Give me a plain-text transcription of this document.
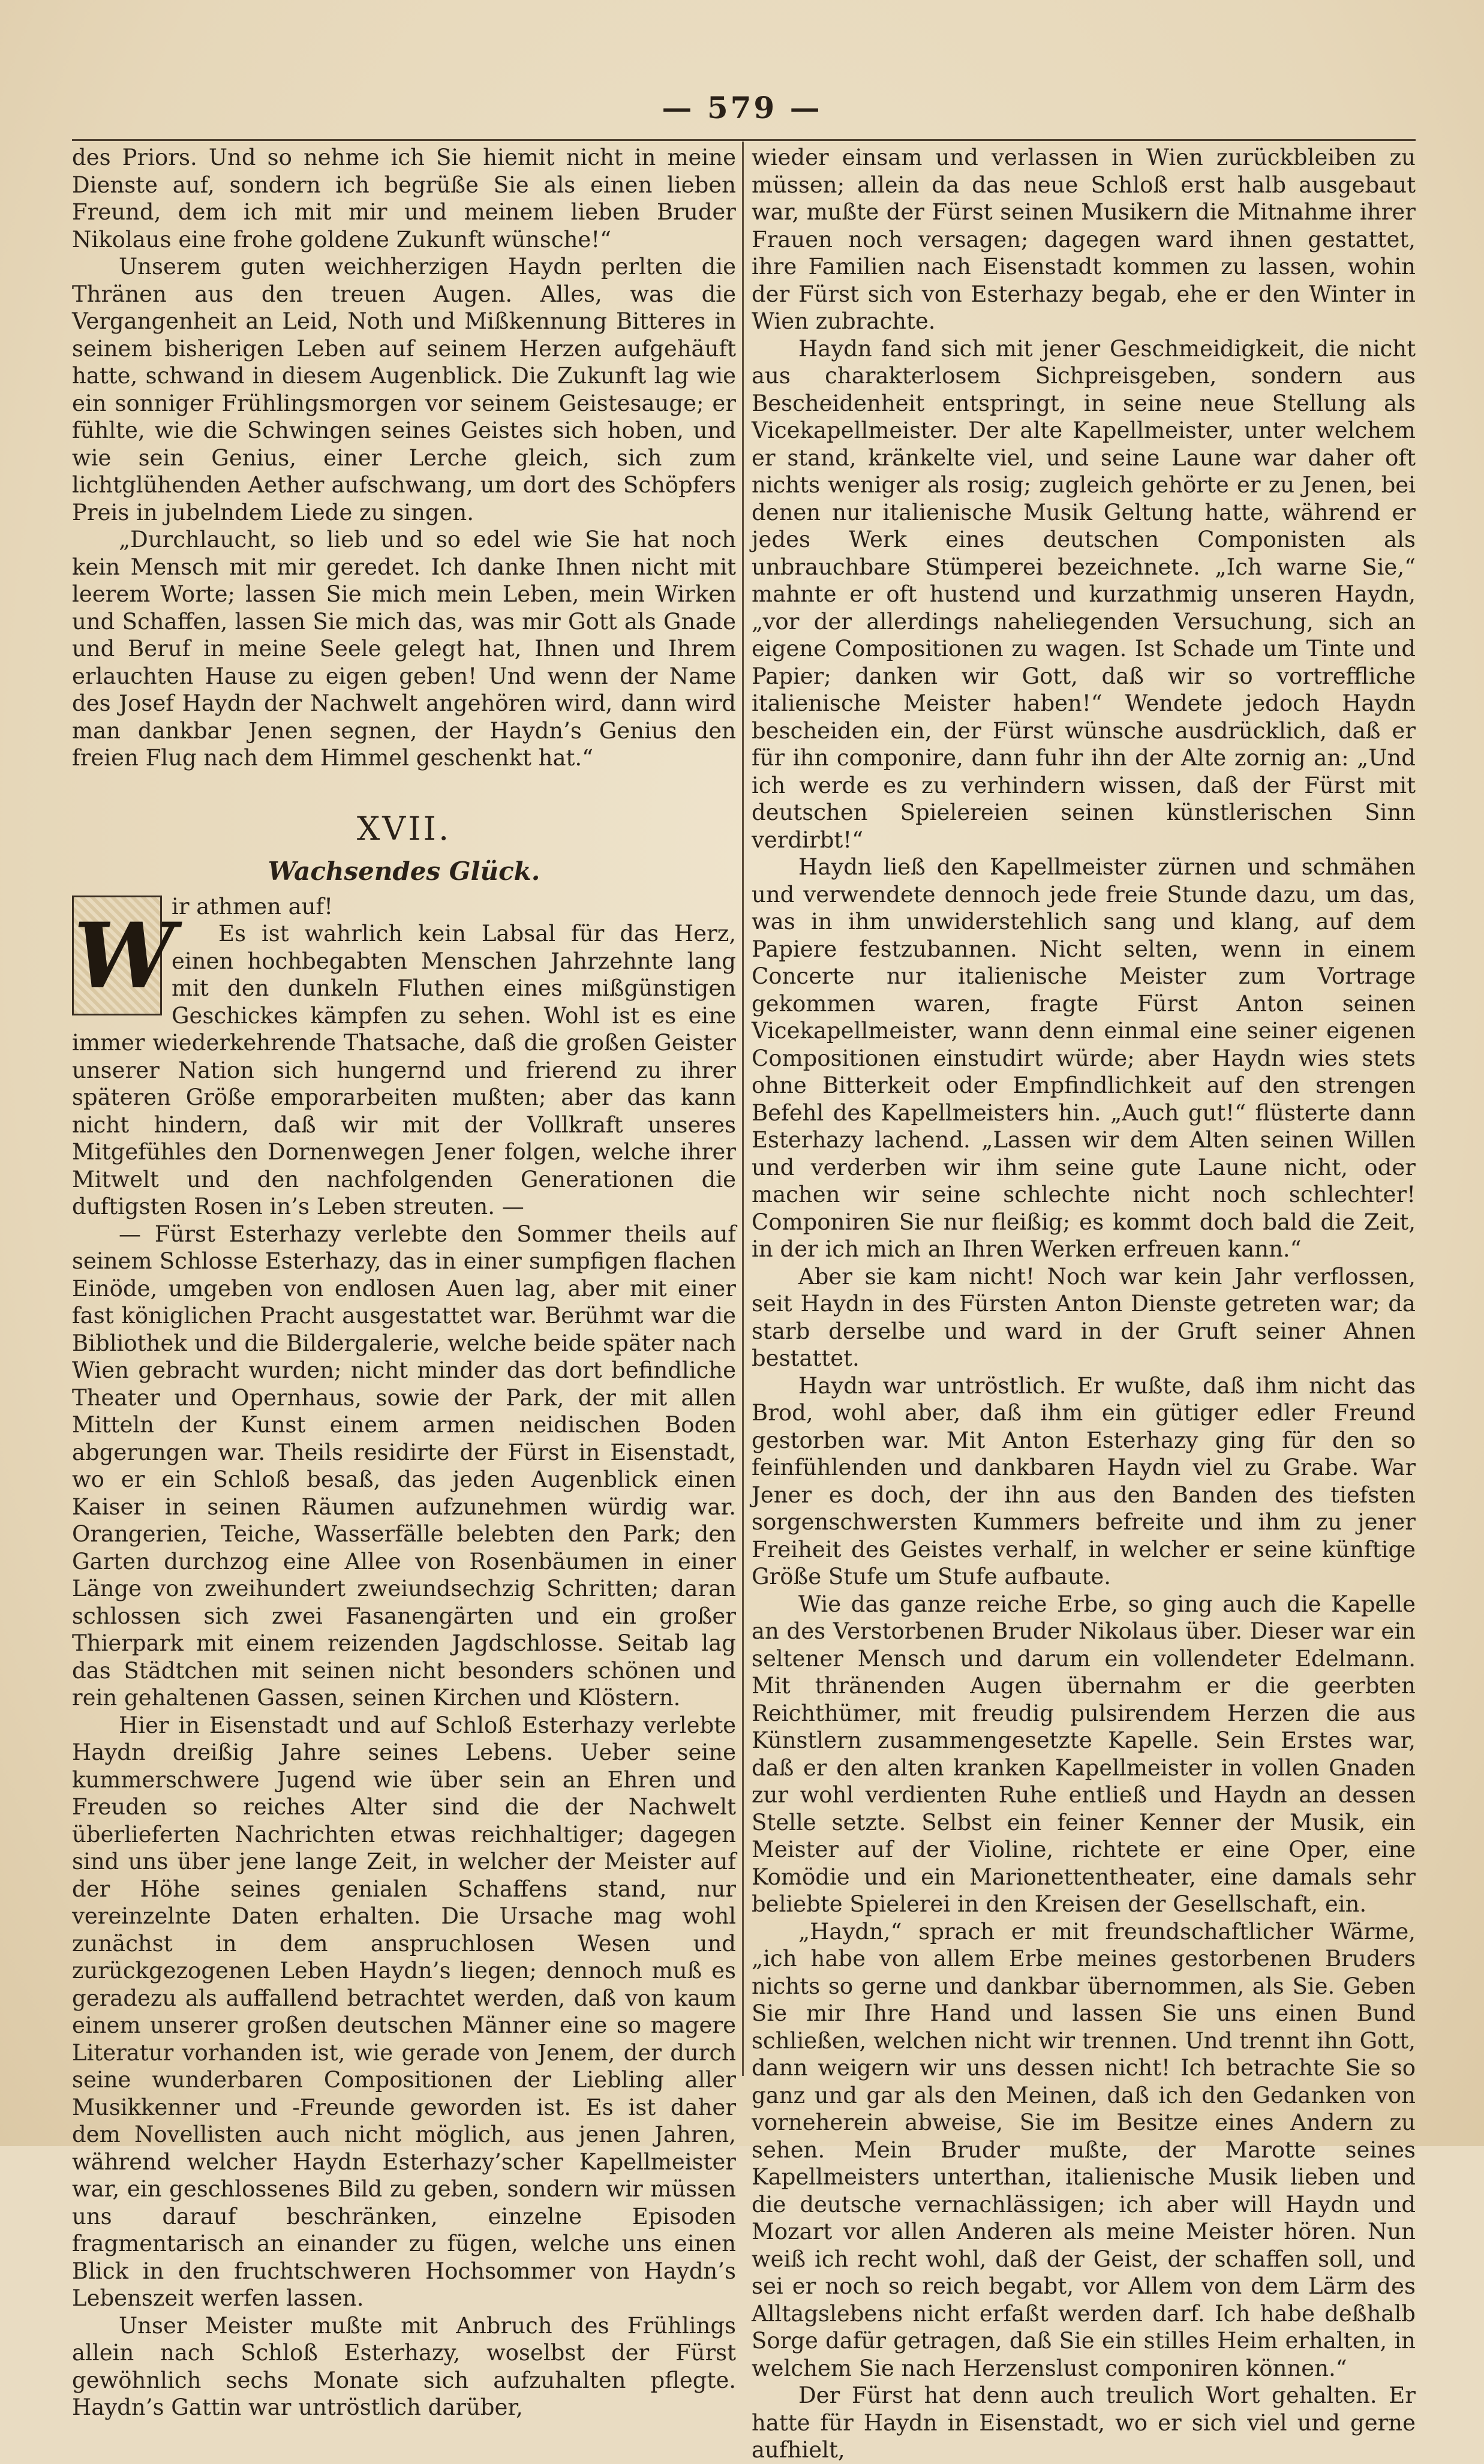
— 579 —

des Priors. Und so nehme ich Sie hiemit nicht in meine Dienste auf, sondern ich begrüße Sie als einen lieben Freund, dem ich mit mir und meinem lieben Bruder Nikolaus eine frohe goldene Zukunft wünsche!“

Unserem guten weichherzigen Haydn perlten die Thränen aus den treuen Augen. Alles, was die Vergangenheit an Leid, Noth und Mißkennung Bitteres in seinem bisherigen Leben auf seinem Herzen aufgehäuft hatte, schwand in diesem Augenblick. Die Zukunft lag wie ein sonniger Frühlingsmorgen vor seinem Geistesauge; er fühlte, wie die Schwingen seines Geistes sich hoben, und wie sein Genius, einer Lerche gleich, sich zum lichtglühenden Aether aufschwang, um dort des Schöpfers Preis in jubelndem Liede zu singen.

„Durchlaucht, so lieb und so edel wie Sie hat noch kein Mensch mit mir geredet. Ich danke Ihnen nicht mit leerem Worte; lassen Sie mich mein Leben, mein Wirken und Schaffen, lassen Sie mich das, was mir Gott als Gnade und Beruf in meine Seele gelegt hat, Ihnen und Ihrem erlauchten Hause zu eigen geben! Und wenn der Name des Josef Haydn der Nachwelt angehören wird, dann wird man dankbar Jenen segnen, der Haydn’s Genius den freien Flug nach dem Himmel geschenkt hat.“

XVII.
Wachsendes Glück.
W

ir athmen auf!

Es ist wahrlich kein Labsal für das Herz, einen hochbegabten Menschen Jahrzehnte lang mit den dunkeln Fluthen eines mißgünstigen Geschickes kämpfen zu sehen. Wohl ist es eine immer wiederkehrende Thatsache, daß die großen Geister unserer Nation sich hungernd und frierend zu ihrer späteren Größe emporarbeiten mußten; aber das kann nicht hindern, daß wir mit der Vollkraft unseres Mitgefühles den Dornenwegen Jener folgen, welche ihrer Mitwelt und den nachfolgenden Generationen die duftigsten Rosen in’s Leben streuten. —

— Fürst Esterhazy verlebte den Sommer theils auf seinem Schlosse Esterhazy, das in einer sumpfigen flachen Einöde, umgeben von endlosen Auen lag, aber mit einer fast königlichen Pracht ausgestattet war. Berühmt war die Bibliothek und die Bildergalerie, welche beide später nach Wien gebracht wurden; nicht minder das dort befindliche Theater und Opernhaus, sowie der Park, der mit allen Mitteln der Kunst einem armen neidischen Boden abgerungen war. Theils residirte der Fürst in Eisenstadt, wo er ein Schloß besaß, das jeden Augenblick einen Kaiser in seinen Räumen aufzunehmen würdig war. Orangerien, Teiche, Wasserfälle belebten den Park; den Garten durchzog eine Allee von Rosenbäumen in einer Länge von zweihundert zweiundsechzig Schritten; daran schlossen sich zwei Fasanengärten und ein großer Thierpark mit einem reizenden Jagdschlosse. Seitab lag das Städtchen mit seinen nicht besonders schönen und rein gehaltenen Gassen, seinen Kirchen und Klöstern.

Hier in Eisenstadt und auf Schloß Esterhazy verlebte Haydn dreißig Jahre seines Lebens. Ueber seine kummerschwere Jugend wie über sein an Ehren und Freuden so reiches Alter sind die der Nachwelt überlieferten Nachrichten etwas reichhaltiger; dagegen sind uns über jene lange Zeit, in welcher der Meister auf der Höhe seines genialen Schaffens stand, nur vereinzelnte Daten erhalten. Die Ursache mag wohl zunächst in dem anspruchlosen Wesen und zurückgezogenen Leben Haydn’s liegen; dennoch muß es geradezu als auffallend betrachtet werden, daß von kaum einem unserer großen deutschen Männer eine so magere Literatur vorhanden ist, wie gerade von Jenem, der durch seine wunderbaren Compositionen der Liebling aller Musikkenner und -Freunde geworden ist. Es ist daher dem Novellisten auch nicht möglich, aus jenen Jahren, während welcher Haydn Esterhazy’scher Kapellmeister war, ein geschlossenes Bild zu geben, sondern wir müssen uns darauf beschränken, einzelne Episoden fragmentarisch an einander zu fügen, welche uns einen Blick in den fruchtschweren Hochsommer von Haydn’s Lebenszeit werfen lassen.

Unser Meister mußte mit Anbruch des Frühlings allein nach Schloß Esterhazy, woselbst der Fürst gewöhnlich sechs Monate sich aufzuhalten pflegte. Haydn’s Gattin war untröstlich darüber,

wieder einsam und verlassen in Wien zurückbleiben zu müssen; allein da das neue Schloß erst halb ausgebaut war, mußte der Fürst seinen Musikern die Mitnahme ihrer Frauen noch versagen; dagegen ward ihnen gestattet, ihre Familien nach Eisenstadt kommen zu lassen, wohin der Fürst sich von Esterhazy begab, ehe er den Winter in Wien zubrachte.

Haydn fand sich mit jener Geschmeidigkeit, die nicht aus charakterlosem Sichpreisgeben, sondern aus Bescheidenheit entspringt, in seine neue Stellung als Vicekapellmeister. Der alte Kapellmeister, unter welchem er stand, kränkelte viel, und seine Laune war daher oft nichts weniger als rosig; zugleich gehörte er zu Jenen, bei denen nur italienische Musik Geltung hatte, während er jedes Werk eines deutschen Componisten als unbrauchbare Stümperei bezeichnete. „Ich warne Sie,“ mahnte er oft hustend und kurzathmig unseren Haydn, „vor der allerdings naheliegenden Versuchung, sich an eigene Compositionen zu wagen. Ist Schade um Tinte und Papier; danken wir Gott, daß wir so vortreffliche italienische Meister haben!“ Wendete jedoch Haydn bescheiden ein, der Fürst wünsche ausdrücklich, daß er für ihn componire, dann fuhr ihn der Alte zornig an: „Und ich werde es zu verhindern wissen, daß der Fürst mit deutschen Spielereien seinen künstlerischen Sinn verdirbt!“

Haydn ließ den Kapellmeister zürnen und schmähen und verwendete dennoch jede freie Stunde dazu, um das, was in ihm unwiderstehlich sang und klang, auf dem Papiere festzubannen. Nicht selten, wenn in einem Concerte nur italienische Meister zum Vortrage gekommen waren, fragte Fürst Anton seinen Vicekapellmeister, wann denn einmal eine seiner eigenen Compositionen einstudirt würde; aber Haydn wies stets ohne Bitterkeit oder Empfindlichkeit auf den strengen Befehl des Kapellmeisters hin. „Auch gut!“ flüsterte dann Esterhazy lachend. „Lassen wir dem Alten seinen Willen und verderben wir ihm seine gute Laune nicht, oder machen wir seine schlechte nicht noch schlechter! Componiren Sie nur fleißig; es kommt doch bald die Zeit, in der ich mich an Ihren Werken erfreuen kann.“

Aber sie kam nicht! Noch war kein Jahr verflossen, seit Haydn in des Fürsten Anton Dienste getreten war; da starb derselbe und ward in der Gruft seiner Ahnen bestattet.

Haydn war untröstlich. Er wußte, daß ihm nicht das Brod, wohl aber, daß ihm ein gütiger edler Freund gestorben war. Mit Anton Esterhazy ging für den so feinfühlenden und dankbaren Haydn viel zu Grabe. War Jener es doch, der ihn aus den Banden des tiefsten sorgenschwersten Kummers befreite und ihm zu jener Freiheit des Geistes verhalf, in welcher er seine künftige Größe Stufe um Stufe aufbaute.

Wie das ganze reiche Erbe, so ging auch die Kapelle an des Verstorbenen Bruder Nikolaus über. Dieser war ein seltener Mensch und darum ein vollendeter Edelmann. Mit thränenden Augen übernahm er die geerbten Reichthümer, mit freudig pulsirendem Herzen die aus Künstlern zusammengesetzte Kapelle. Sein Erstes war, daß er den alten kranken Kapellmeister in vollen Gnaden zur wohl verdienten Ruhe entließ und Haydn an dessen Stelle setzte. Selbst ein feiner Kenner der Musik, ein Meister auf der Violine, richtete er eine Oper, eine Komödie und ein Marionettentheater, eine damals sehr beliebte Spielerei in den Kreisen der Gesellschaft, ein.

„Haydn,“ sprach er mit freundschaftlicher Wärme, „ich habe von allem Erbe meines gestorbenen Bruders nichts so gerne und dankbar übernommen, als Sie. Geben Sie mir Ihre Hand und lassen Sie uns einen Bund schließen, welchen nicht wir trennen. Und trennt ihn Gott, dann weigern wir uns dessen nicht! Ich betrachte Sie so ganz und gar als den Meinen, daß ich den Gedanken von vorneherein abweise, Sie im Besitze eines Andern zu sehen. Mein Bruder mußte, der Marotte seines Kapellmeisters unterthan, italienische Musik lieben und die deutsche vernachlässigen; ich aber will Haydn und Mozart vor allen Anderen als meine Meister hören. Nun weiß ich recht wohl, daß der Geist, der schaffen soll, und sei er noch so reich begabt, vor Allem von dem Lärm des Alltagslebens nicht erfaßt werden darf. Ich habe deßhalb Sorge dafür getragen, daß Sie ein stilles Heim erhalten, in welchem Sie nach Herzenslust componiren können.“

Der Fürst hat denn auch treulich Wort gehalten. Er hatte für Haydn in Eisenstadt, wo er sich viel und gerne aufhielt,
